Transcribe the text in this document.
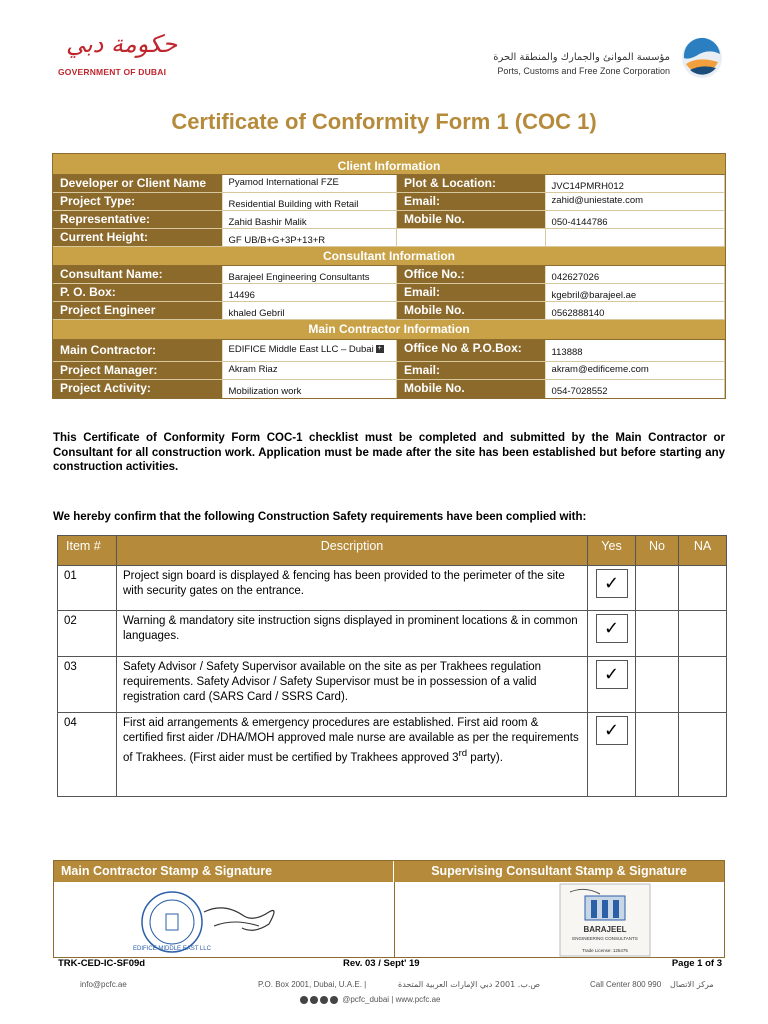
حكومة دبي
GOVERNMENT OF DUBAI
مؤسسة الموانئ والجمارك والمنطقة الحرة
Ports, Customs and Free Zone Corporation
Certificate of Conformity Form 1 (COC 1)
Client Information
Developer or Client Name	Pyamod International FZE	Plot & Location:	JVC14PMRH012
Project Type:	Residential Building with Retail	Email:	zahid@uniestate.com
Representative:	Zahid Bashir Malik	Mobile No.	050-4144786
Current Height:	GF UB/B+G+3P+13+R
Consultant Information
Consultant Name:	Barajeel Engineering Consultants	Office No.:	042627026
P. O. Box:	14496	Email:	kgebril@barajeel.ae
Project Engineer	khaled Gebril	Mobile No.	0562888140
Main Contractor Information
Main Contractor:	EDIFICE Middle East LLC – Dubai +	Office No & P.O.Box:	113888
Project Manager:	Akram Riaz	Email:	akram@edificeme.com
Project Activity:	Mobilization work	Mobile No.	054-7028552
This Certificate of Conformity Form COC-1 checklist must be completed and submitted by the Main Contractor or Consultant for all construction work. Application must be made after the site has been established but before starting any construction activities.
We hereby confirm that the following Construction Safety requirements have been complied with:
Item #	Description	Yes	No	NA
01	Project sign board is displayed & fencing has been provided to the perimeter of the site with security gates on the entrance.	✓		

02	Warning & mandatory site instruction signs displayed in prominent locations & in common languages.	✓		

03	Safety Advisor / Safety Supervisor available on the site as per Trakhees regulation requirements. Safety Advisor / Safety Supervisor must be in possession of a valid registration card (SARS Card / SSRS Card).	✓		

04	First aid arrangements & emergency procedures are established. First aid room & certified first aider /DHA/MOH approved male nurse are available as per the requirements of Trakhees. (First aider must be certified by Trakhees approved 3rd party).	✓		

Main Contractor Stamp & Signature	Supervising Consultant Stamp & Signature
EDIFICE MIDDLE EAST LLC
BARAJEEL
ENGINEERING CONSULTANTS
Trade License: 125475
TRK-CED-IC-SF09d	Rev. 03 / Sept' 19	Page 1 of 3
info@pcfc.ae	P.O. Box 2001, Dubai, U.A.E. |	ص.ب. 2001 دبي الإمارات العربية المتحدة	Call Center 800 990 مركز الاتصال
@pcfc_dubai | www.pcfc.ae
